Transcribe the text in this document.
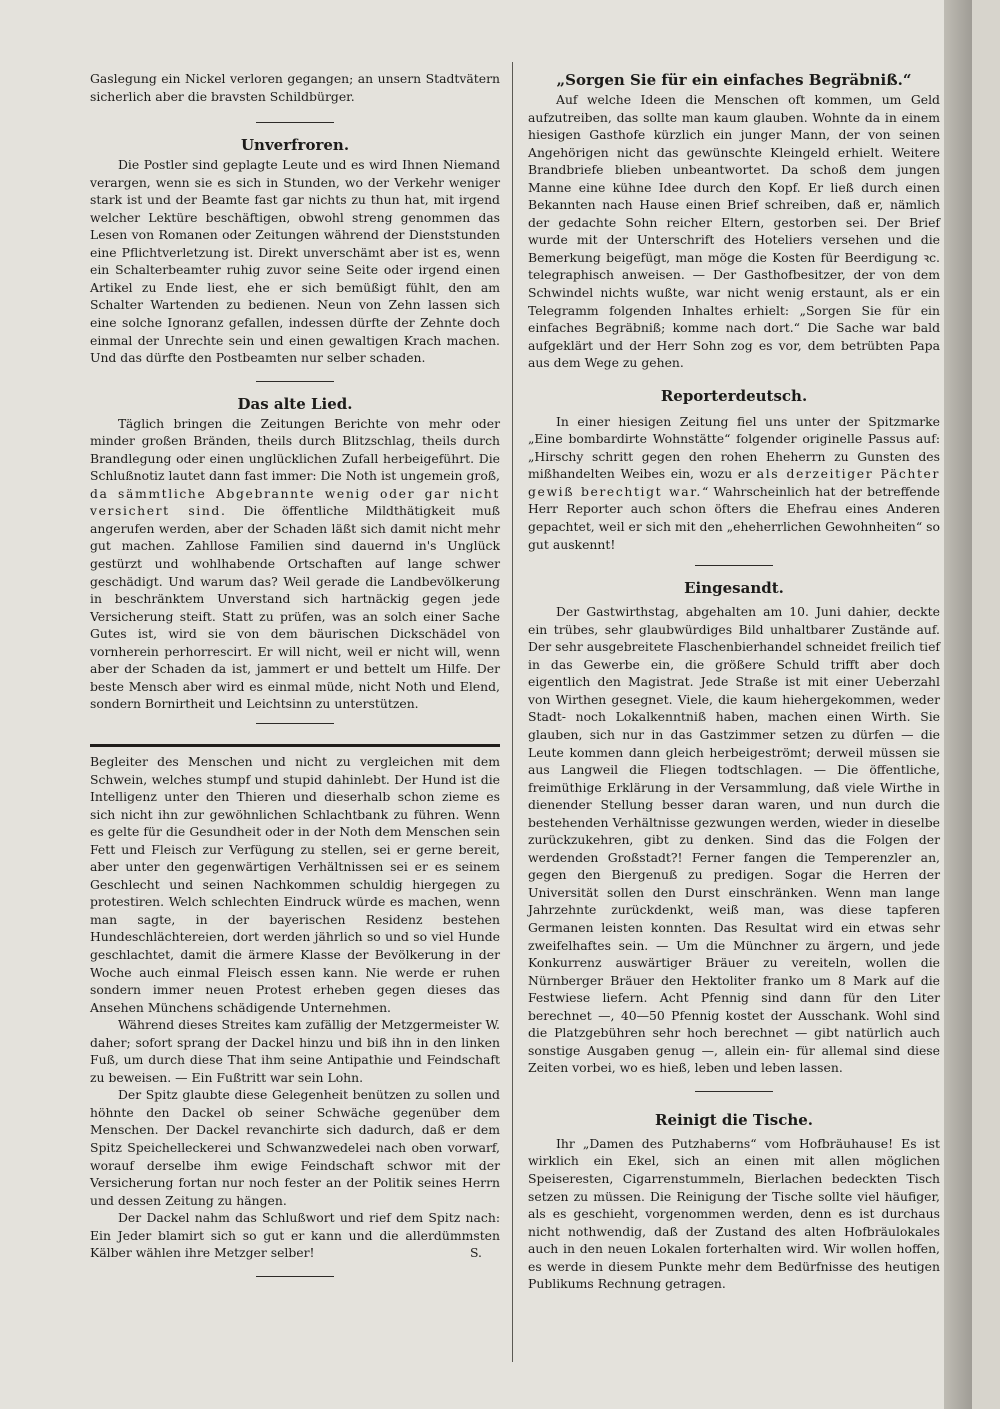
Gaslegung ein Nickel verloren gegangen; an unsern Stadtvätern sicherlich aber die bravsten Schildbürger.

Unverfroren.

Die Postler sind geplagte Leute und es wird Ihnen Niemand verargen, wenn sie es sich in Stunden, wo der Verkehr weniger stark ist und der Beamte fast gar nichts zu thun hat, mit irgend welcher Lektüre beschäftigen, obwohl streng genommen das Lesen von Romanen oder Zeitungen während der Dienststunden eine Pflichtverletzung ist. Direkt unverschämt aber ist es, wenn ein Schalterbeamter ruhig zuvor seine Seite oder irgend einen Artikel zu Ende liest, ehe er sich bemüßigt fühlt, den am Schalter Wartenden zu bedienen. Neun von Zehn lassen sich eine solche Ignoranz gefallen, indessen dürfte der Zehnte doch einmal der Unrechte sein und einen gewaltigen Krach machen. Und das dürfte den Postbeamten nur selber schaden.

Das alte Lied.

Täglich bringen die Zeitungen Berichte von mehr oder minder großen Bränden, theils durch Blitzschlag, theils durch Brandlegung oder einen unglücklichen Zufall herbeigeführt. Die Schlußnotiz lautet dann fast immer: Die Noth ist ungemein groß, da sämmtliche Abgebrannte wenig oder gar nicht versichert sind. Die öffentliche Mildthätigkeit muß angerufen werden, aber der Schaden läßt sich damit nicht mehr gut machen. Zahllose Familien sind dauernd in's Unglück gestürzt und wohlhabende Ortschaften auf lange schwer geschädigt. Und warum das? Weil gerade die Landbevölkerung in beschränktem Unverstand sich hartnäckig gegen jede Versicherung steift. Statt zu prüfen, was an solch einer Sache Gutes ist, wird sie von dem bäurischen Dickschädel von vornherein perhorrescirt. Er will nicht, weil er nicht will, wenn aber der Schaden da ist, jammert er und bettelt um Hilfe. Der beste Mensch aber wird es einmal müde, nicht Noth und Elend, sondern Bornirtheit und Leichtsinn zu unterstützen.

Begleiter des Menschen und nicht zu vergleichen mit dem Schwein, welches stumpf und stupid dahinlebt. Der Hund ist die Intelligenz unter den Thieren und dieserhalb schon zieme es sich nicht ihn zur gewöhnlichen Schlachtbank zu führen. Wenn es gelte für die Gesundheit oder in der Noth dem Menschen sein Fett und Fleisch zur Verfügung zu stellen, sei er gerne bereit, aber unter den gegenwärtigen Verhältnissen sei er es seinem Geschlecht und seinen Nachkommen schuldig hiergegen zu protestiren. Welch schlechten Eindruck würde es machen, wenn man sagte, in der bayerischen Residenz bestehen Hundeschlächtereien, dort werden jährlich so und so viel Hunde geschlachtet, damit die ärmere Klasse der Bevölkerung in der Woche auch einmal Fleisch essen kann. Nie werde er ruhen sondern immer neuen Protest erheben gegen dieses das Ansehen Münchens schädigende Unternehmen.

Während dieses Streites kam zufällig der Metzgermeister W. daher; sofort sprang der Dackel hinzu und biß ihn in den linken Fuß, um durch diese That ihm seine Antipathie und Feindschaft zu beweisen. — Ein Fußtritt war sein Lohn.

Der Spitz glaubte diese Gelegenheit benützen zu sollen und höhnte den Dackel ob seiner Schwäche gegenüber dem Menschen. Der Dackel revanchirte sich dadurch, daß er dem Spitz Speichelleckerei und Schwanzwedelei nach oben vorwarf, worauf derselbe ihm ewige Feindschaft schwor mit der Versicherung fortan nur noch fester an der Politik seines Herrn und dessen Zeitung zu hängen.

Der Dackel nahm das Schlußwort und rief dem Spitz nach: Ein Jeder blamirt sich so gut er kann und die allerdümmsten Kälber wählen ihre Metzger selber!	S.

„Sorgen Sie für ein einfaches Begräbniß.“

Auf welche Ideen die Menschen oft kommen, um Geld aufzutreiben, das sollte man kaum glauben. Wohnte da in einem hiesigen Gasthofe kürzlich ein junger Mann, der von seinen Angehörigen nicht das gewünschte Kleingeld erhielt. Weitere Brandbriefe blieben unbeantwortet. Da schoß dem jungen Manne eine kühne Idee durch den Kopf. Er ließ durch einen Bekannten nach Hause einen Brief schreiben, daß er, nämlich der gedachte Sohn reicher Eltern, gestorben sei. Der Brief wurde mit der Unterschrift des Hoteliers versehen und die Bemerkung beigefügt, man möge die Kosten für Beerdigung ꝛc. telegraphisch anweisen. — Der Gasthofbesitzer, der von dem Schwindel nichts wußte, war nicht wenig erstaunt, als er ein Telegramm folgenden Inhaltes erhielt: „Sorgen Sie für ein einfaches Begräbniß; komme nach dort.“ Die Sache war bald aufgeklärt und der Herr Sohn zog es vor, dem betrübten Papa aus dem Wege zu gehen.

Reporterdeutsch.

In einer hiesigen Zeitung fiel uns unter der Spitzmarke „Eine bombardirte Wohnstätte“ folgender originelle Passus auf: „Hirschy schritt gegen den rohen Eheherrn zu Gunsten des mißhandelten Weibes ein, wozu er als derzeitiger Pächter gewiß berechtigt war.“ Wahrscheinlich hat der betreffende Herr Reporter auch schon öfters die Ehefrau eines Anderen gepachtet, weil er sich mit den „eheherrlichen Gewohnheiten“ so gut auskennt!

Eingesandt.

Der Gastwirthstag, abgehalten am 10. Juni dahier, deckte ein trübes, sehr glaubwürdiges Bild unhaltbarer Zustände auf. Der sehr ausgebreitete Flaschenbierhandel schneidet freilich tief in das Gewerbe ein, die größere Schuld trifft aber doch eigentlich den Magistrat. Jede Straße ist mit einer Ueberzahl von Wirthen gesegnet. Viele, die kaum hiehergekommen, weder Stadt- noch Lokalkenntniß haben, machen einen Wirth. Sie glauben, sich nur in das Gastzimmer setzen zu dürfen — die Leute kommen dann gleich herbeigeströmt; derweil müssen sie aus Langweil die Fliegen todtschlagen. — Die öffentliche, freimüthige Erklärung in der Versammlung, daß viele Wirthe in dienender Stellung besser daran waren, und nun durch die bestehenden Verhältnisse gezwungen werden, wieder in dieselbe zurückzukehren, gibt zu denken. Sind das die Folgen der werdenden Großstadt?! Ferner fangen die Temperenzler an, gegen den Biergenuß zu predigen. Sogar die Herren der Universität sollen den Durst einschränken. Wenn man lange Jahrzehnte zurückdenkt, weiß man, was diese tapferen Germanen leisten konnten. Das Resultat wird ein etwas sehr zweifelhaftes sein. — Um die Münchner zu ärgern, und jede Konkurrenz auswärtiger Bräuer zu vereiteln, wollen die Nürnberger Bräuer den Hektoliter franko um 8 Mark auf die Festwiese liefern. Acht Pfennig sind dann für den Liter berechnet —, 40—50 Pfennig kostet der Ausschank. Wohl sind die Platzgebühren sehr hoch berechnet — gibt natürlich auch sonstige Ausgaben genug —, allein ein- für allemal sind diese Zeiten vorbei, wo es hieß, leben und leben lassen.

Reinigt die Tische.

Ihr „Damen des Putzhaberns“ vom Hofbräuhause! Es ist wirklich ein Ekel, sich an einen mit allen möglichen Speiseresten, Cigarrenstummeln, Bierlachen bedeckten Tisch setzen zu müssen. Die Reinigung der Tische sollte viel häufiger, als es geschieht, vorgenommen werden, denn es ist durchaus nicht nothwendig, daß der Zustand des alten Hofbräulokales auch in den neuen Lokalen forterhalten wird. Wir wollen hoffen, es werde in diesem Punkte mehr dem Bedürfnisse des heutigen Publikums Rechnung getragen.
